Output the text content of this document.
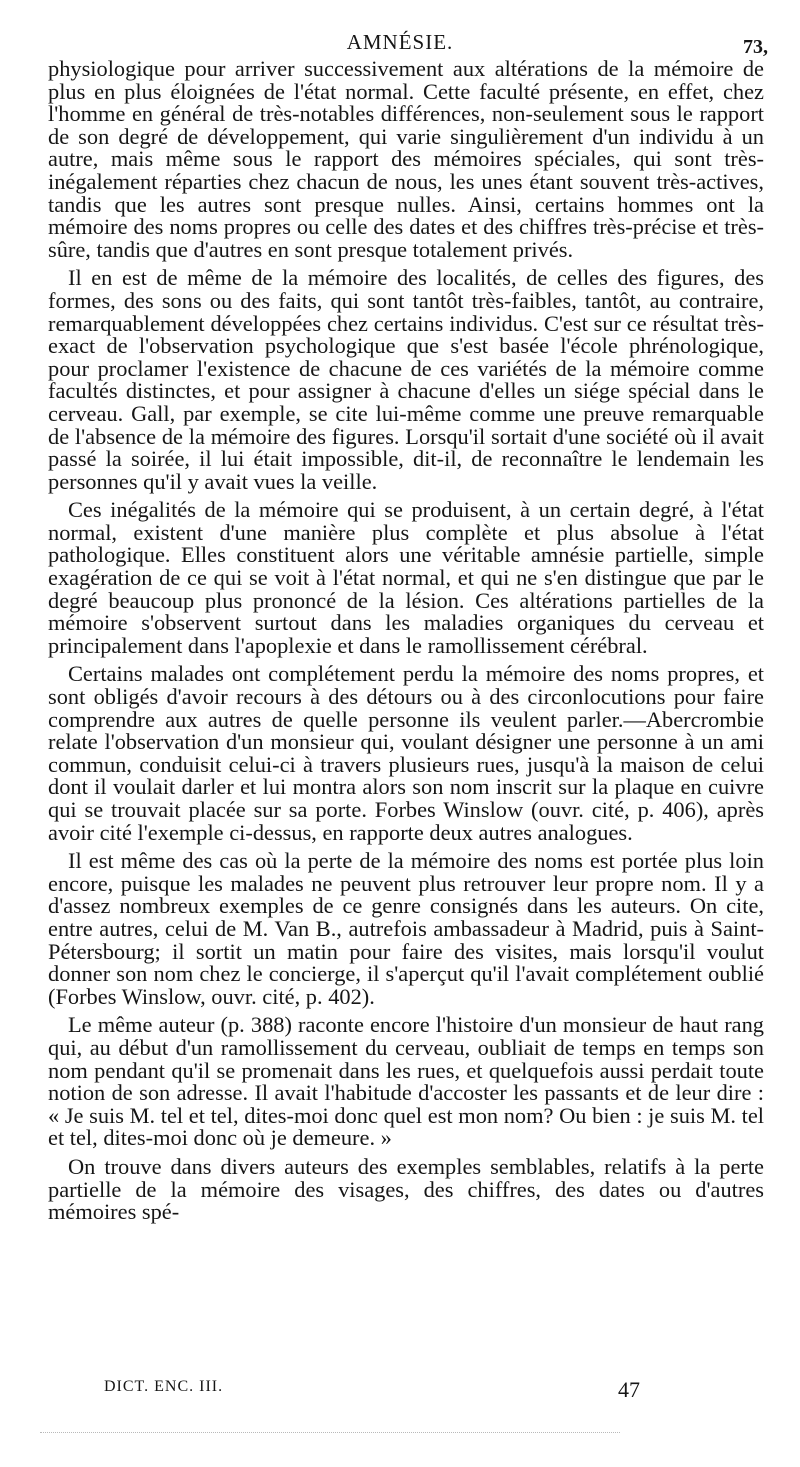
AMNÉSIE.	73,

physiologique pour arriver successivement aux altérations de la mémoire de plus en plus éloignées de l'état normal. Cette faculté présente, en effet, chez l'homme en général de très-notables différences, non-seulement sous le rapport de son degré de développement, qui varie singulièrement d'un individu à un autre, mais même sous le rapport des mémoires spéciales, qui sont très-inégalement réparties chez chacun de nous, les unes étant souvent très-actives, tandis que les autres sont presque nulles. Ainsi, certains hommes ont la mémoire des noms propres ou celle des dates et des chiffres très-précise et très-sûre, tandis que d'autres en sont presque totalement privés.

Il en est de même de la mémoire des localités, de celles des figures, des formes, des sons ou des faits, qui sont tantôt très-faibles, tantôt, au contraire, remarquablement développées chez certains individus. C'est sur ce résultat très-exact de l'observation psychologique que s'est basée l'école phrénologique, pour proclamer l'existence de chacune de ces variétés de la mémoire comme facultés distinctes, et pour assigner à chacune d'elles un siége spécial dans le cerveau. Gall, par exemple, se cite lui-même comme une preuve remarquable de l'absence de la mémoire des figures. Lorsqu'il sortait d'une société où il avait passé la soirée, il lui était impossible, dit-il, de reconnaître le lendemain les personnes qu'il y avait vues la veille.

Ces inégalités de la mémoire qui se produisent, à un certain degré, à l'état normal, existent d'une manière plus complète et plus absolue à l'état pathologique. Elles constituent alors une véritable amnésie partielle, simple exagération de ce qui se voit à l'état normal, et qui ne s'en distingue que par le degré beaucoup plus prononcé de la lésion. Ces altérations partielles de la mémoire s'observent surtout dans les maladies organiques du cerveau et principalement dans l'apoplexie et dans le ramollissement cérébral.

Certains malades ont complétement perdu la mémoire des noms propres, et sont obligés d'avoir recours à des détours ou à des circonlocutions pour faire comprendre aux autres de quelle personne ils veulent parler.—Abercrombie relate l'observation d'un monsieur qui, voulant désigner une personne à un ami commun, conduisit celui-ci à travers plusieurs rues, jusqu'à la maison de celui dont il voulait darler et lui montra alors son nom inscrit sur la plaque en cuivre qui se trouvait placée sur sa porte. Forbes Winslow (ouvr. cité, p. 406), après avoir cité l'exemple ci-dessus, en rapporte deux autres analogues.

Il est même des cas où la perte de la mémoire des noms est portée plus loin encore, puisque les malades ne peuvent plus retrouver leur propre nom. Il y a d'assez nombreux exemples de ce genre consignés dans les auteurs. On cite, entre autres, celui de M. Van B., autrefois ambassadeur à Madrid, puis à Saint-Pétersbourg; il sortit un matin pour faire des visites, mais lorsqu'il voulut donner son nom chez le concierge, il s'aperçut qu'il l'avait complétement oublié (Forbes Winslow, ouvr. cité, p. 402).

Le même auteur (p. 388) raconte encore l'histoire d'un monsieur de haut rang qui, au début d'un ramollissement du cerveau, oubliait de temps en temps son nom pendant qu'il se promenait dans les rues, et quelquefois aussi perdait toute notion de son adresse. Il avait l'habitude d'accoster les passants et de leur dire : « Je suis M. tel et tel, dites-moi donc quel est mon nom? Ou bien : je suis M. tel et tel, dites-moi donc où je demeure. »

On trouve dans divers auteurs des exemples semblables, relatifs à la perte partielle de la mémoire des visages, des chiffres, des dates ou d'autres mémoires spé-

DICT. ENC. III.	47
